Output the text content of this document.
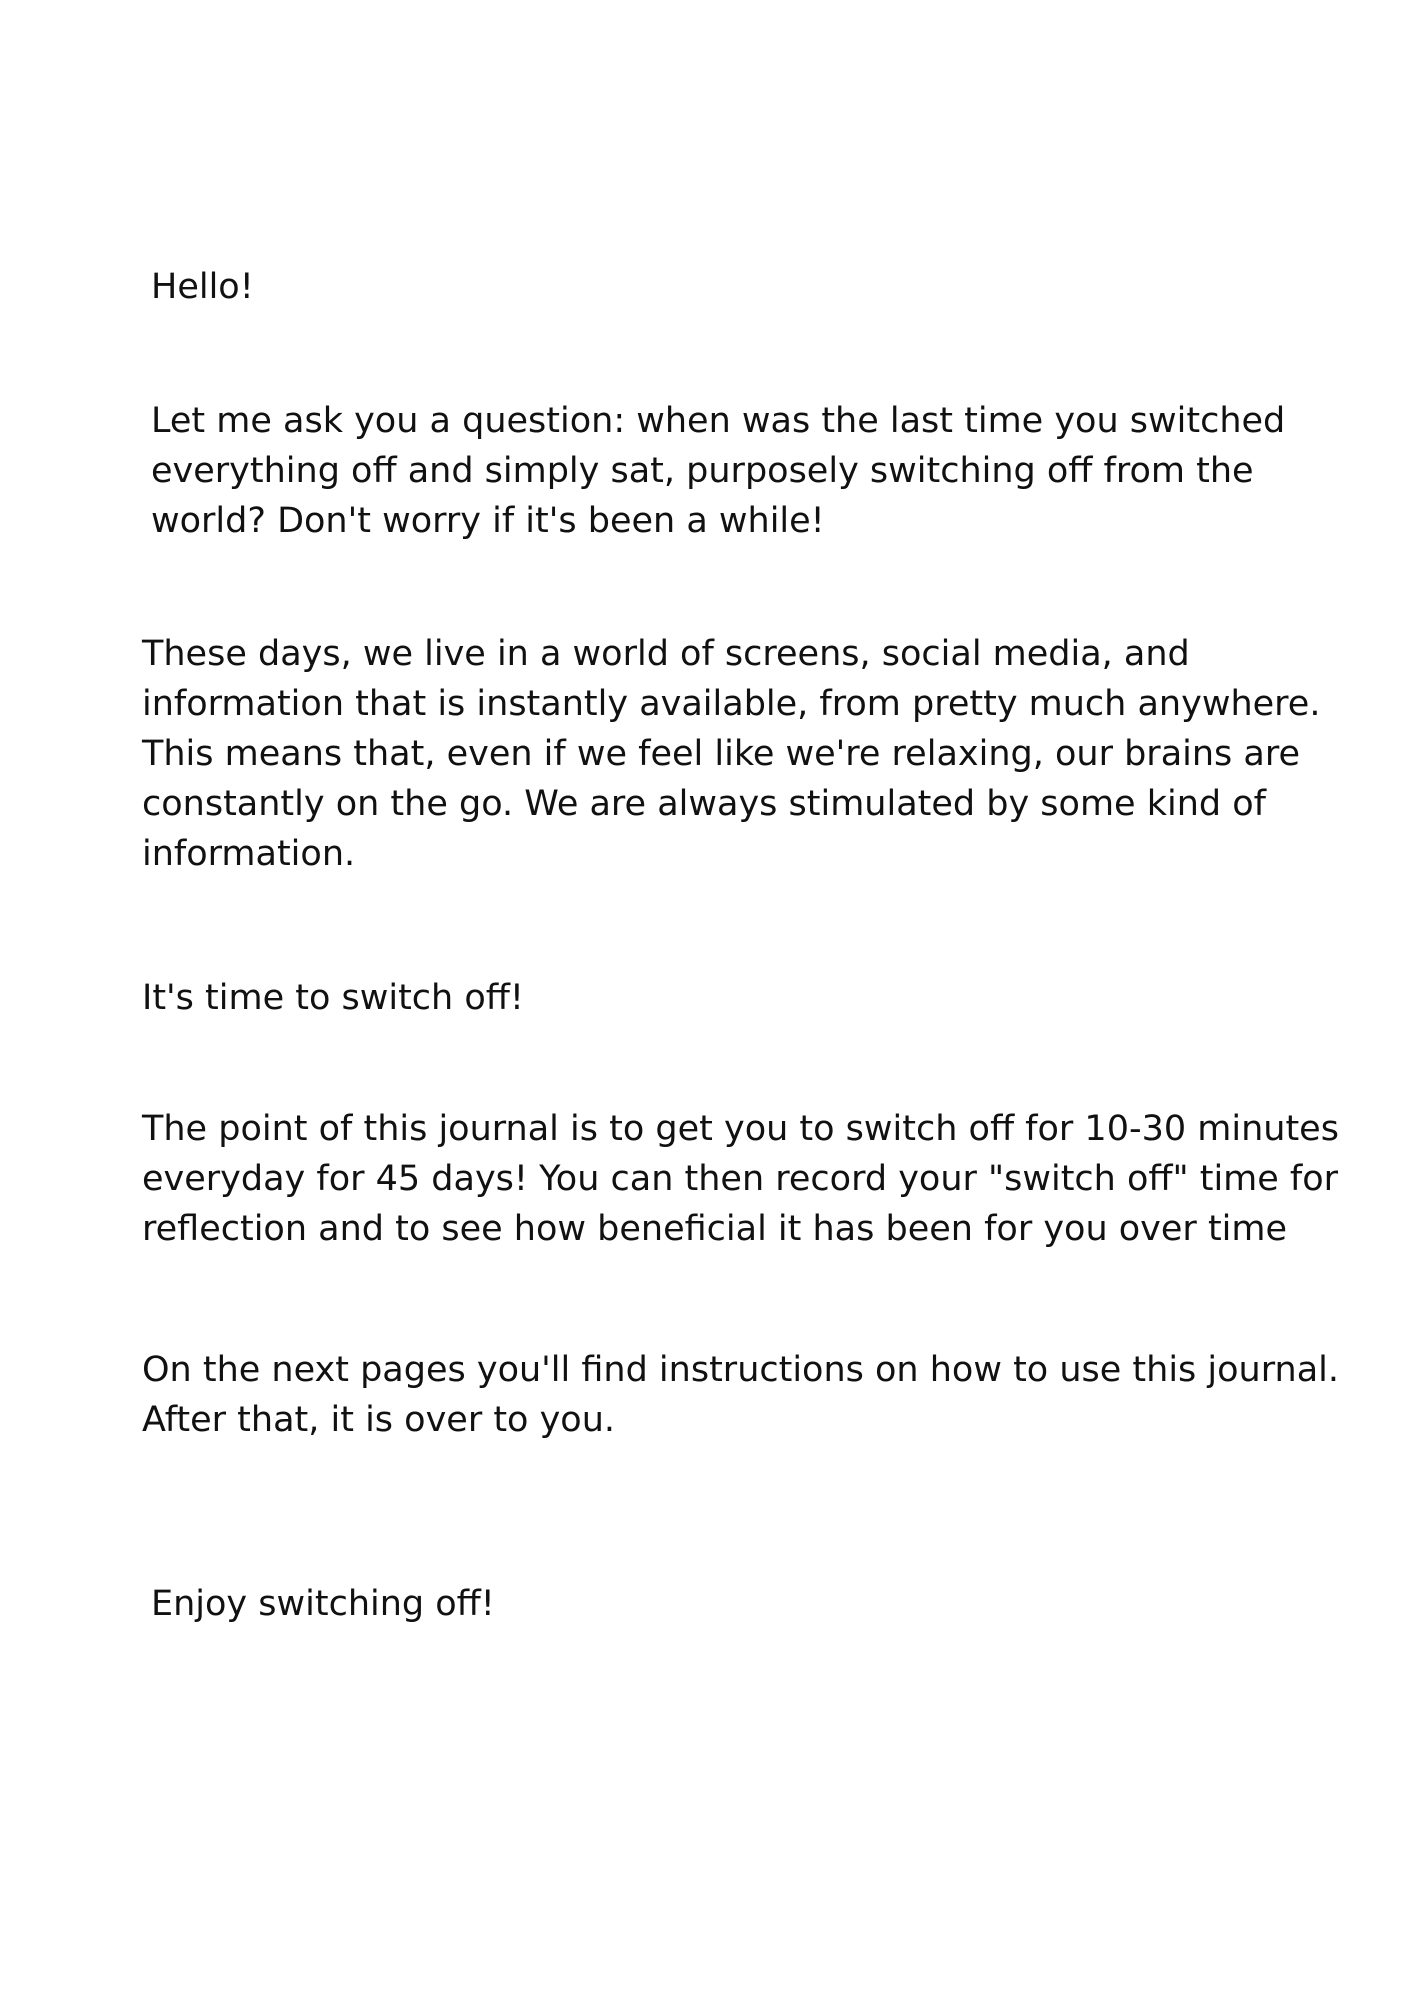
Hello!

Let me ask you a question: when was the last time you switched
everything off and simply sat, purposely switching off from the
world? Don't worry if it's been a while!

These days, we live in a world of screens, social media, and
information that is instantly available, from pretty much anywhere.
This means that, even if we feel like we're relaxing, our brains are
constantly on the go. We are always stimulated by some kind of
information.

It's time to switch off!

The point of this journal is to get you to switch off for 10-30 minutes
everyday for 45 days! You can then record your "switch off" time for
reflection and to see how beneficial it has been for you over time

On the next pages you'll find instructions on how to use this journal.
After that, it is over to you.

Enjoy switching off!
